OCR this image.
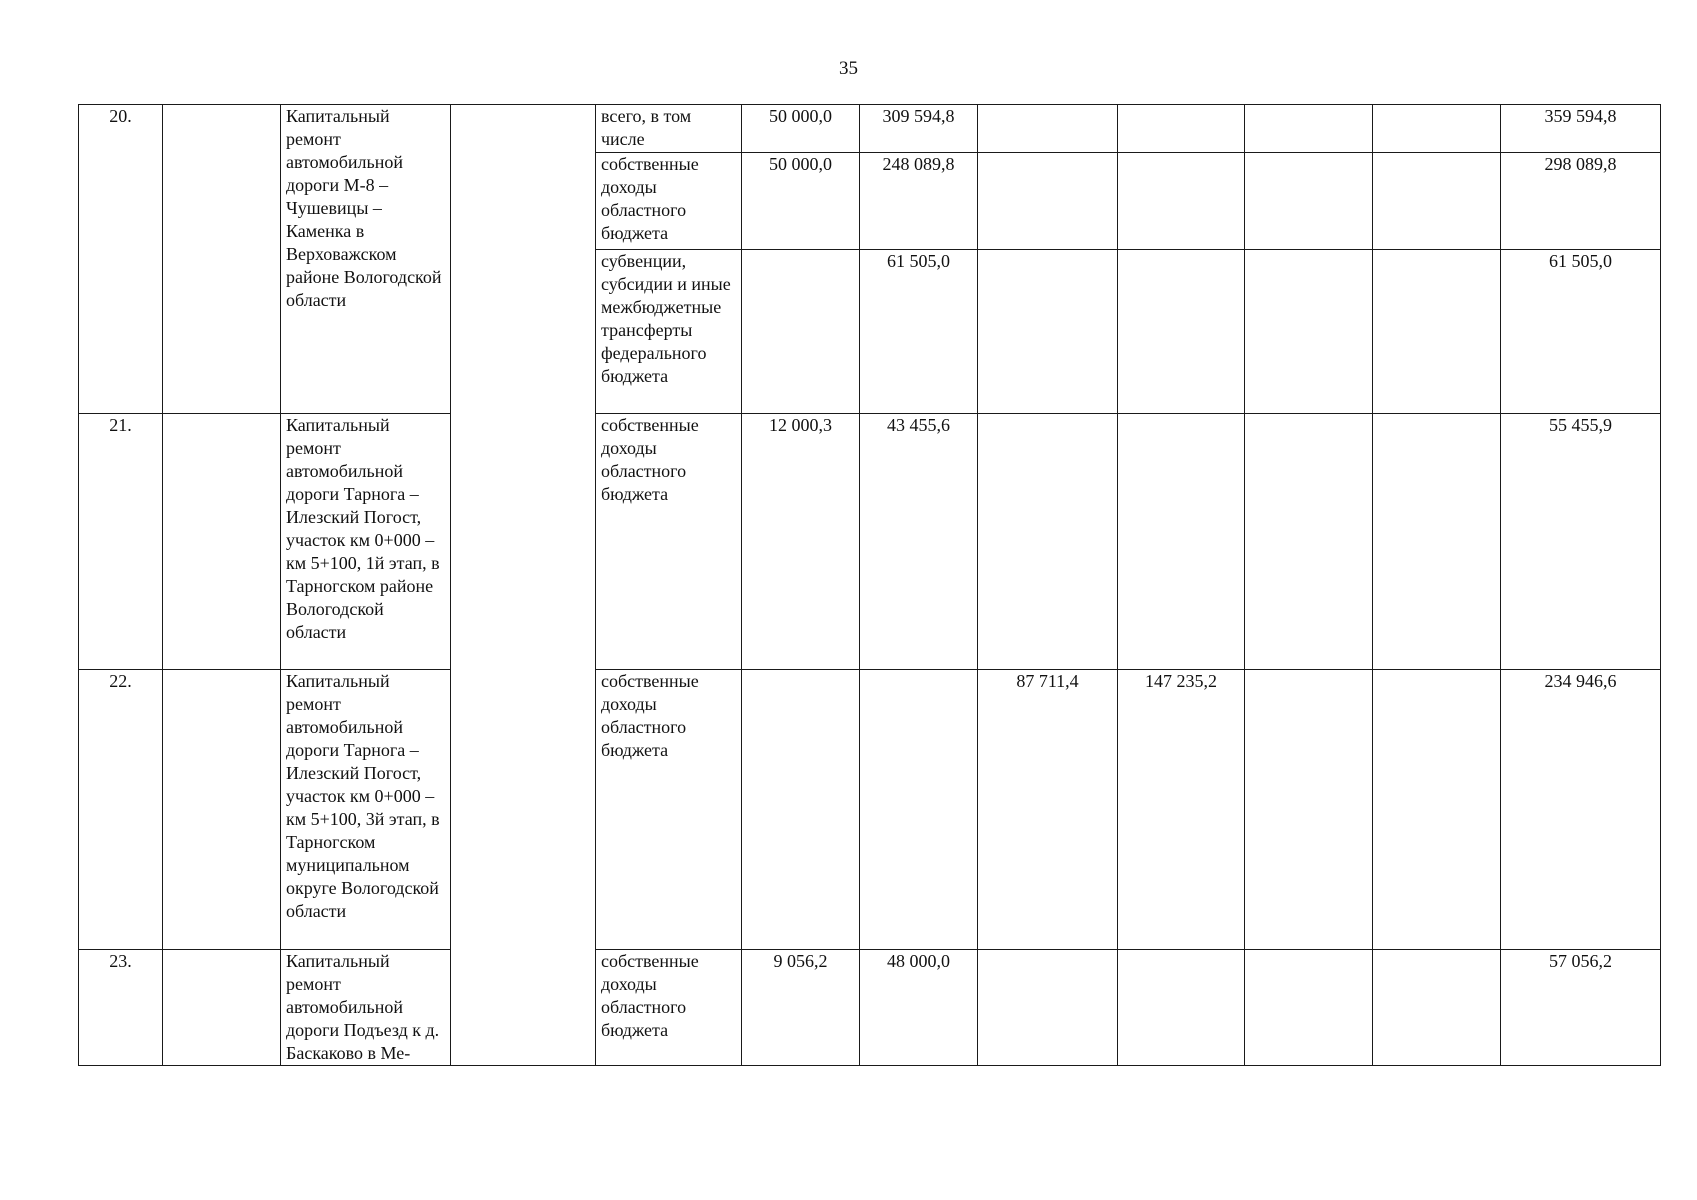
35
20.		Капитальный ремонт автомобильной дороги М-8 – Чушевицы – Каменка в Верховажском районе Вологодской области		всего, в том числе	50 000,0	309 594,8					359 594,8
				собственные доходы областного бюджета	50 000,0	248 089,8					298 089,8
				субвенции, субсидии и иные межбюджетные трансферты федерального бюджета		61 505,0					61 505,0
21.		Капитальный ремонт автомобильной дороги Тарнога – Илезский Погост, участок км 0+000 – км 5+100, 1й этап, в Тарногском районе Вологодской области		собственные доходы областного бюджета	12 000,3	43 455,6					55 455,9
22.		Капитальный ремонт автомобильной дороги Тарнога – Илезский Погост, участок км 0+000 – км 5+100, 3й этап, в Тарногском муниципальном округе Вологодской области		собственные доходы областного бюджета			87 711,4	147 235,2			234 946,6
23.		Капитальный ремонт автомобильной дороги Подъезд к д. Баскаково в Ме-		собственные доходы областного бюджета	9 056,2	48 000,0					57 056,2
